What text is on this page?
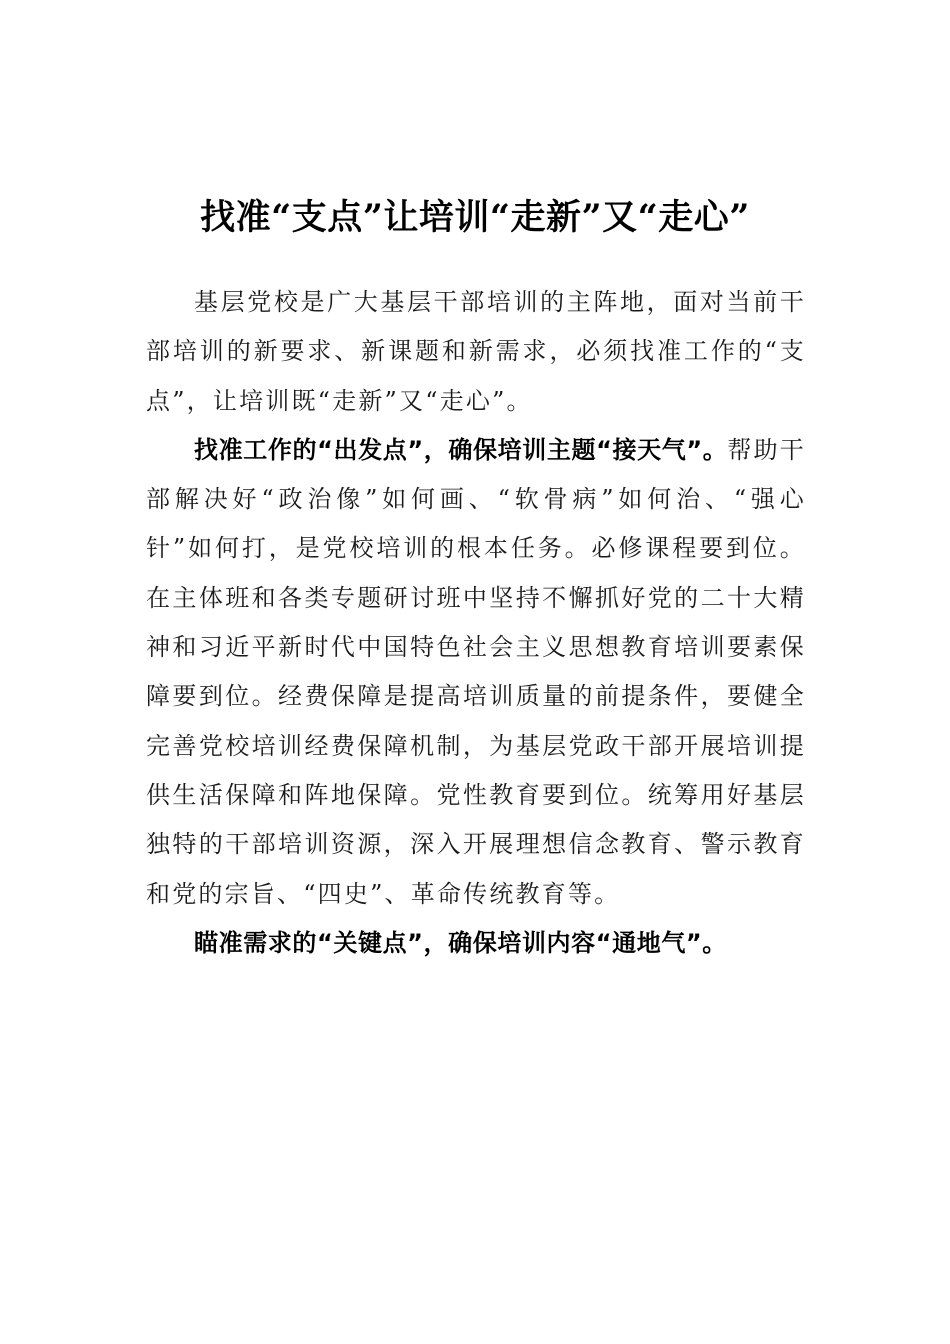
找准“支点”让培训“走新”又“走心”

基层党校是广大基层干部培训的主阵地，面对当前干部培训的新要求、新课题和新需求，必须找准工作的“支点”，让培训既“走新”又“走心”。

找准工作的“出发点”，确保培训主题“接天气”。帮助干部解决好“政治像”如何画、“软骨病”如何治、“强心针”如何打，是党校培训的根本任务。必修课程要到位。在主体班和各类专题研讨班中坚持不懈抓好党的二十大精神和习近平新时代中国特色社会主义思想教育培训要素保障要到位。经费保障是提高培训质量的前提条件，要健全完善党校培训经费保障机制，为基层党政干部开展培训提供生活保障和阵地保障。党性教育要到位。统筹用好基层独特的干部培训资源，深入开展理想信念教育、警示教育和党的宗旨、“四史”、革命传统教育等。

瞄准需求的“关键点”，确保培训内容“通地气”。
